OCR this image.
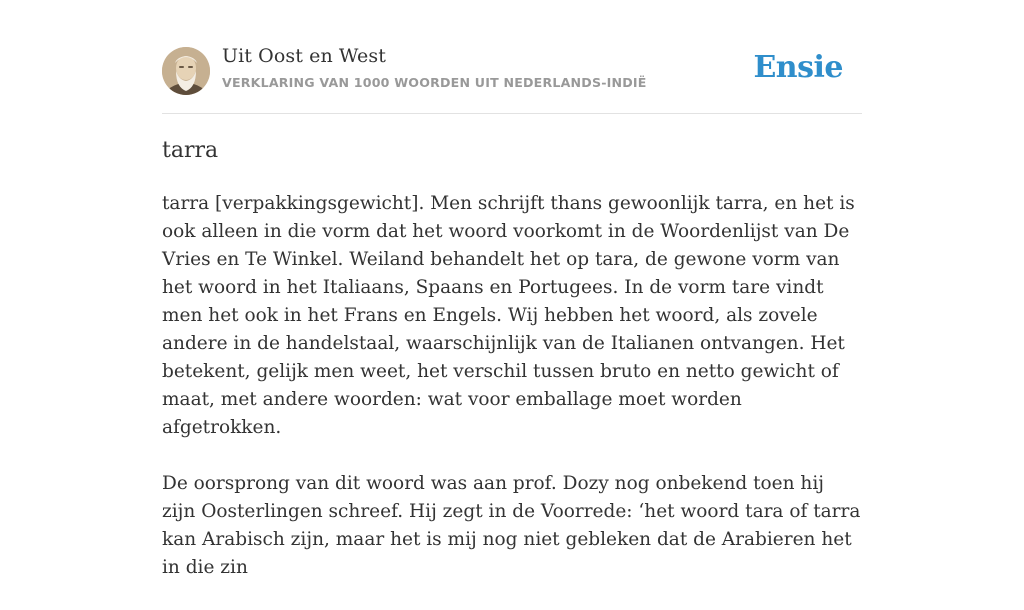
Uit Oost en West
VERKLARING VAN 1000 WOORDEN UIT NEDERLANDS-INDIË	Ensie
tarra

tarra [verpakkingsgewicht]. Men schrijft thans gewoonlijk tarra, en het is ook alleen in die vorm dat het woord voorkomt in de Woordenlijst van De Vries en Te Winkel. Weiland behandelt het op tara, de gewone vorm van het woord in het Italiaans, Spaans en Portugees. In de vorm tare vindt men het ook in het Frans en Engels. Wij hebben het woord, als zovele andere in de handelstaal, waarschijnlijk van de Italianen ontvangen. Het betekent, gelijk men weet, het verschil tussen bruto en netto gewicht of maat, met andere woorden: wat voor emballage moet worden afgetrokken.

De oorsprong van dit woord was aan prof. Dozy nog onbekend toen hij zijn Oosterlingen schreef. Hij zegt in de Voorrede: ‘het woord tara of tarra kan Arabisch zijn, maar het is mij nog niet gebleken dat de Arabieren het in die zin
